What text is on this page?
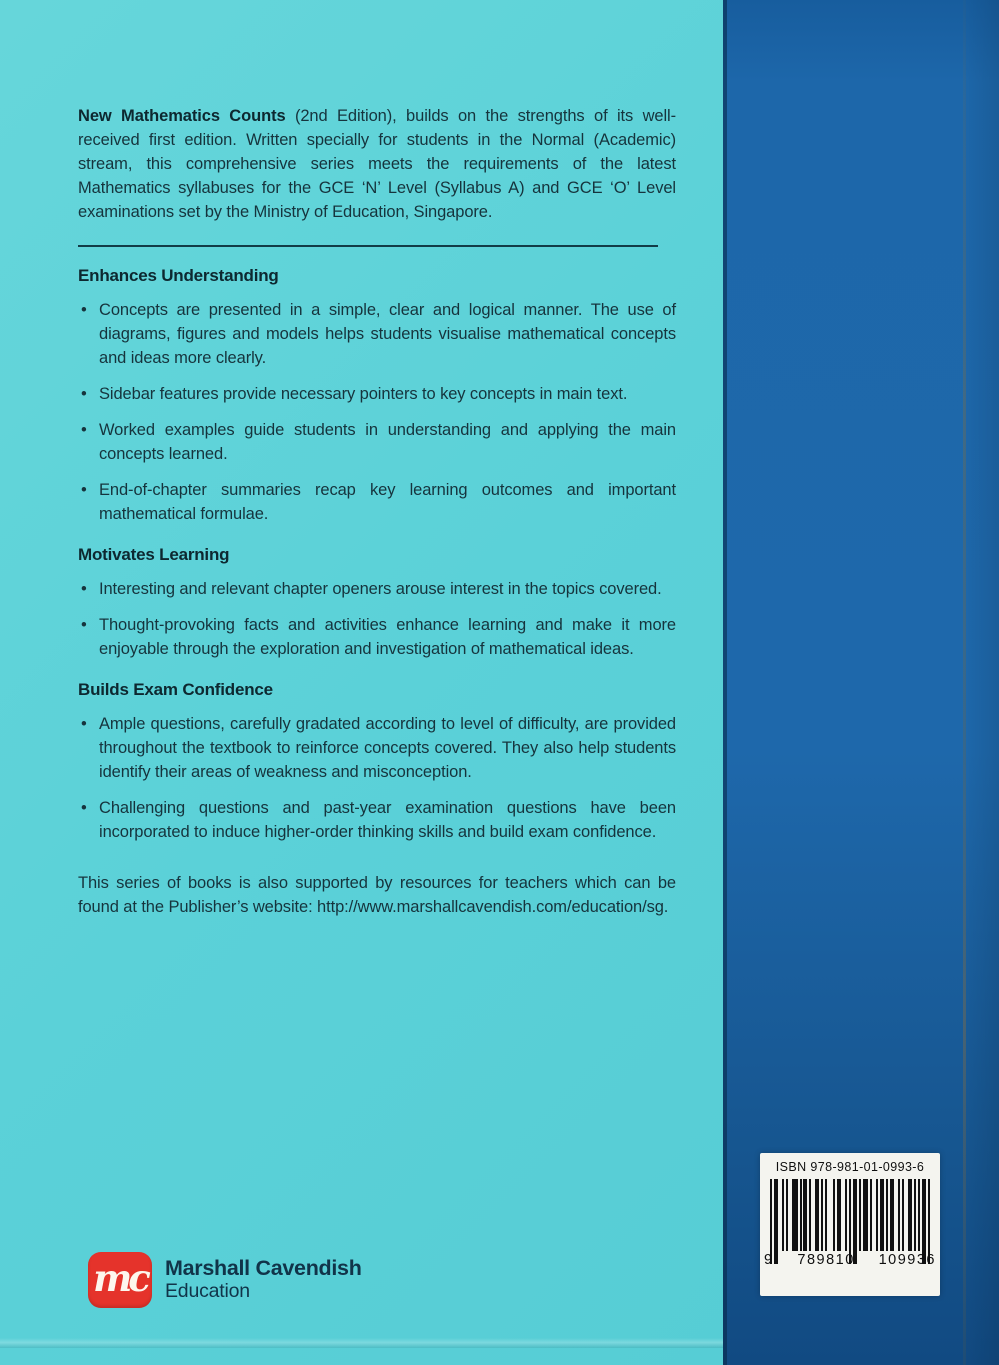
New Mathematics Counts (2nd Edition), builds on the strengths of its well-received first edition. Written specially for students in the Normal (Academic) stream, this comprehensive series meets the requirements of the latest Mathematics syllabuses for the GCE ‘N’ Level (Syllabus A) and GCE ‘O’ Level examinations set by the Ministry of Education, Singapore.

Enhances Understanding
• Concepts are presented in a simple, clear and logical manner. The use of diagrams, figures and models helps students visualise mathematical concepts and ideas more clearly.
• Sidebar features provide necessary pointers to key concepts in main text.
• Worked examples guide students in understanding and applying the main concepts learned.
• End-of-chapter summaries recap key learning outcomes and important mathematical formulae.
Motivates Learning
• Interesting and relevant chapter openers arouse interest in the topics covered.
• Thought-provoking facts and activities enhance learning and make it more enjoyable through the exploration and investigation of mathematical ideas.
Builds Exam Confidence
• Ample questions, carefully gradated according to level of difficulty, are provided throughout the textbook to reinforce concepts covered. They also help students identify their areas of weakness and misconception.
• Challenging questions and past-year examination questions have been incorporated to induce higher-order thinking skills and build exam confidence.

This series of books is also supported by resources for teachers which can be found at the Publisher’s website: http://www.marshallcavendish.com/education/sg.

mc Marshall Cavendish
Education
ISBN 978-981-01-0993-6
9 789810 109936
